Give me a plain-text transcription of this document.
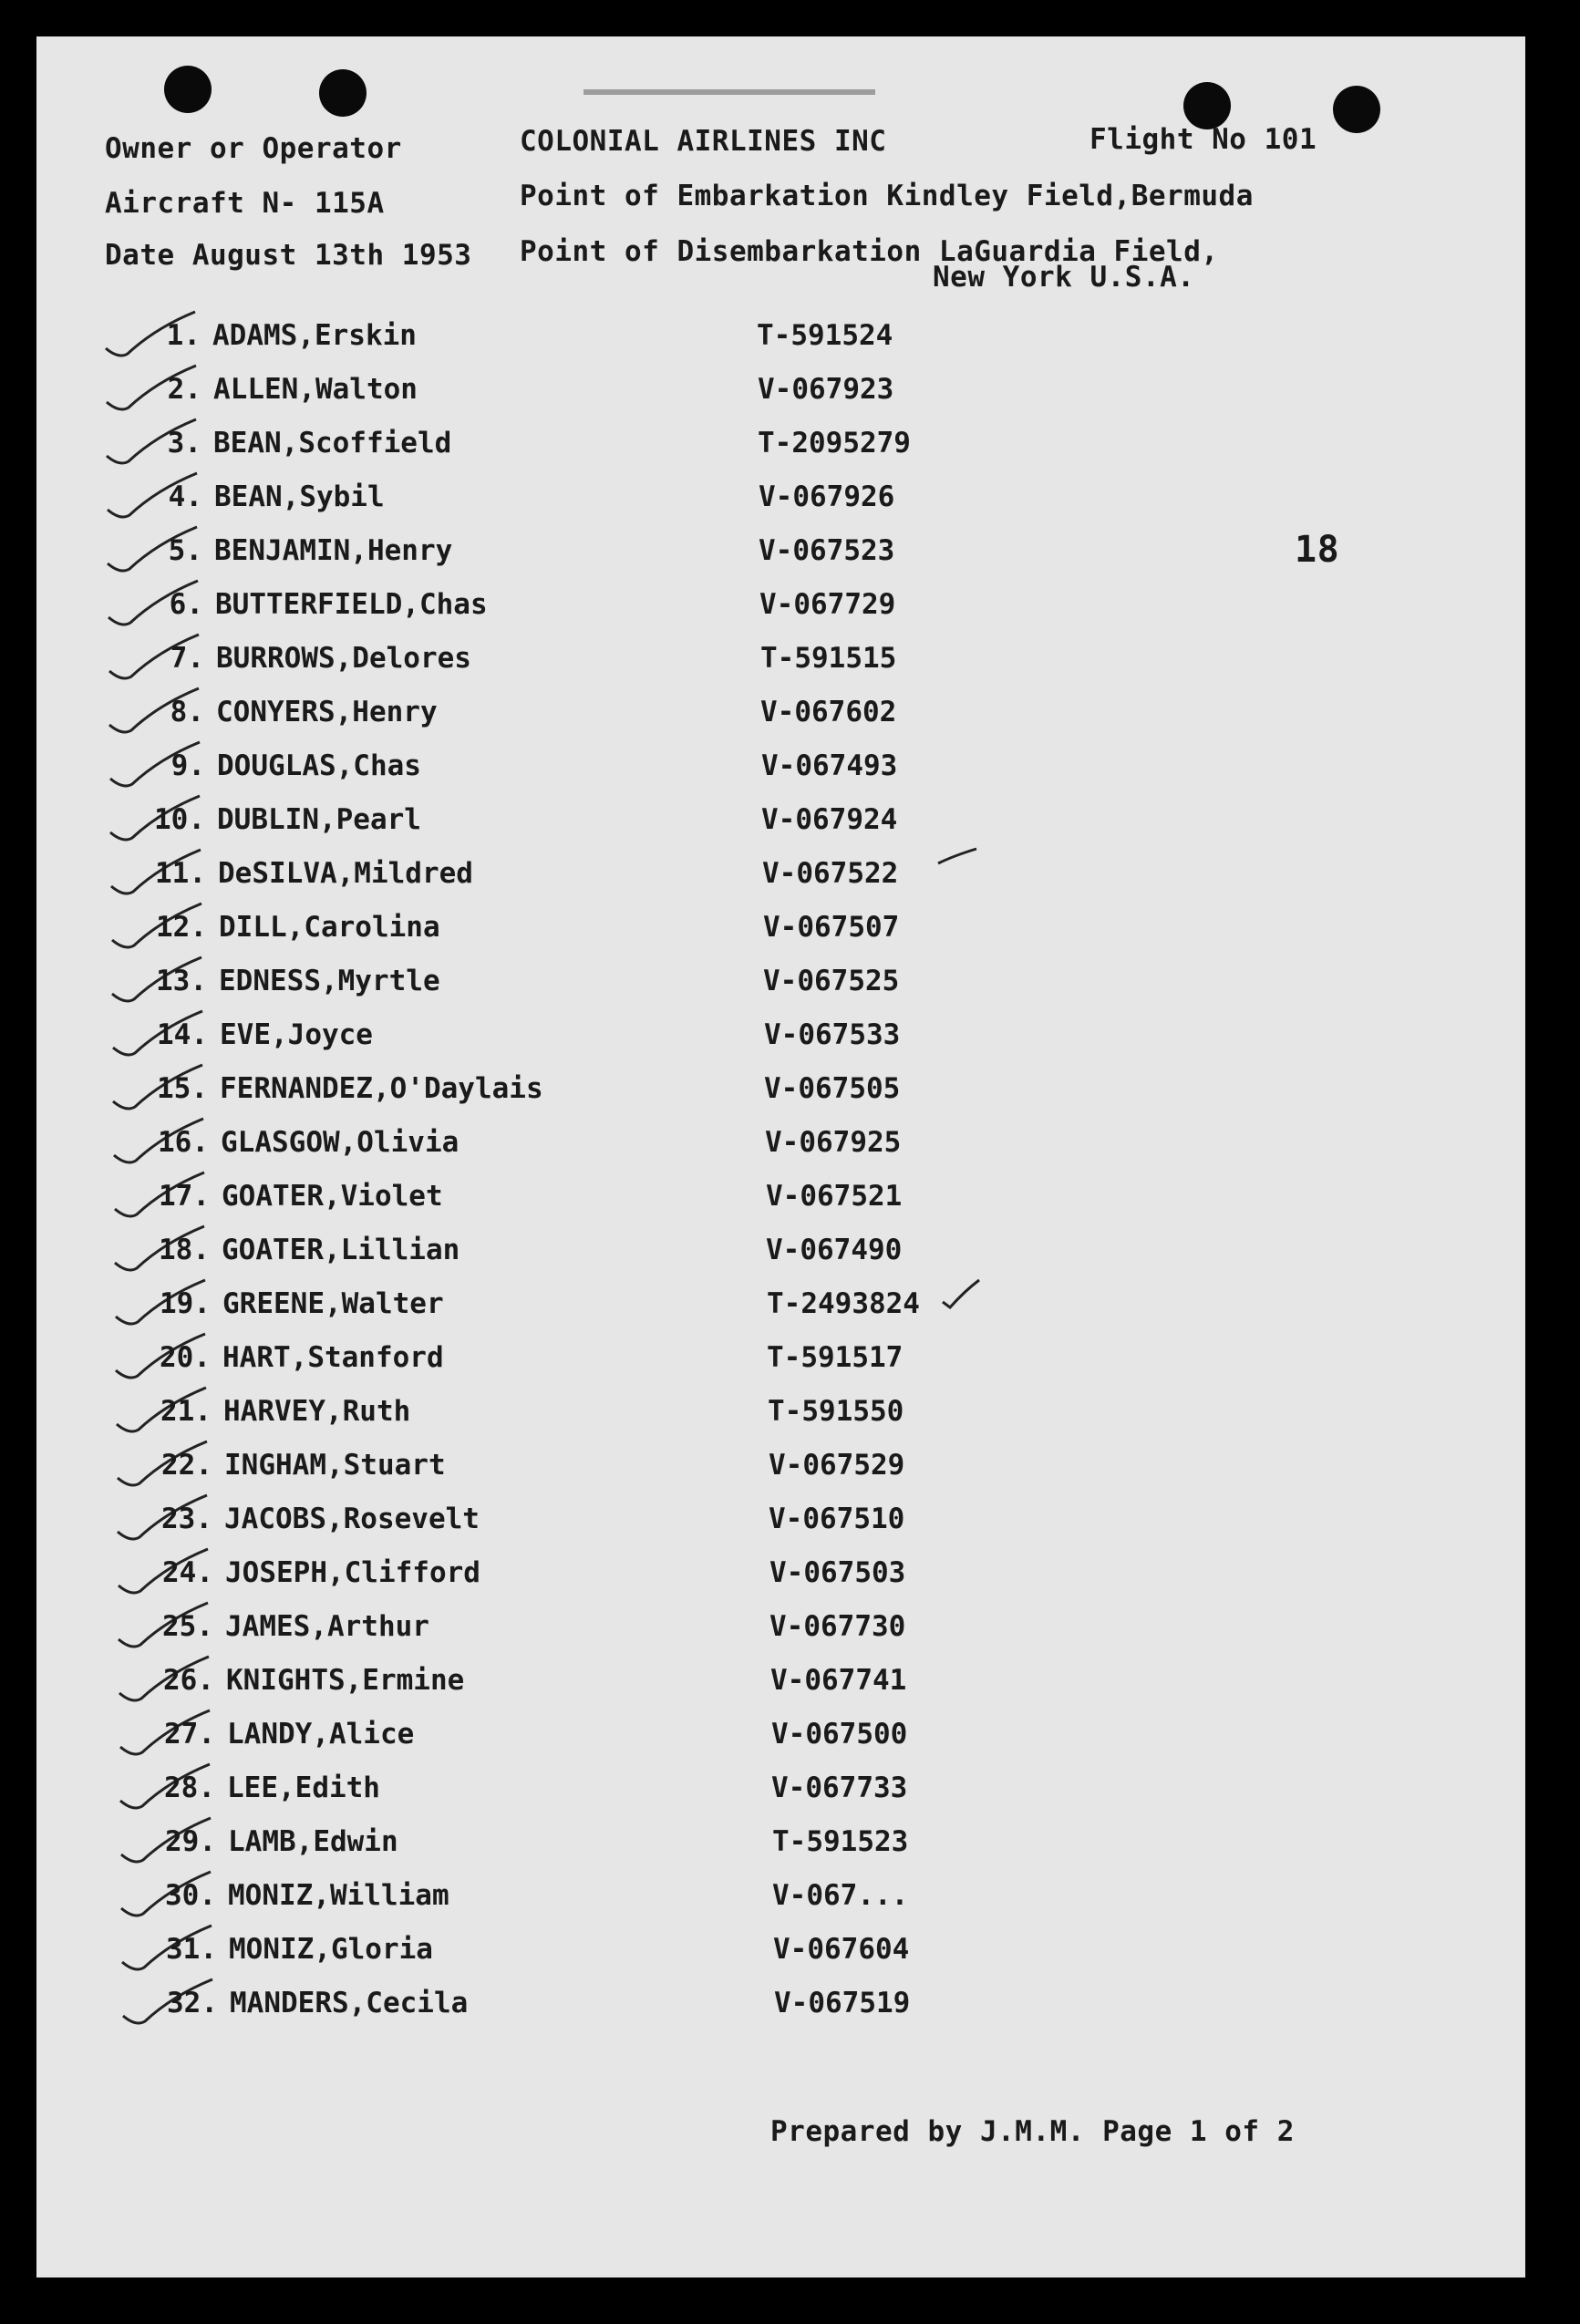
Owner or Operator	COLONIAL AIRLINES INC	Flight No 101
Aircraft N- 115A	Point of Embarkation Kindley Field,Bermuda
Date August 13th 1953 Point of Disembarkation LaGuardia Field,
New York U.S.A.
18
1. ADAMS,Erskin	T-591524
2. ALLEN,Walton	V-067923
3. BEAN,Scoffield	T-2095279
4. BEAN,Sybil	V-067926
5. BENJAMIN,Henry	V-067523
6. BUTTERFIELD,Chas	V-067729
7. BURROWS,Delores	T-591515
8. CONYERS,Henry	V-067602
9. DOUGLAS,Chas	V-067493
10. DUBLIN,Pearl	V-067924
11. DeSILVA,Mildred	V-067522
12. DILL,Carolina	V-067507
13. EDNESS,Myrtle	V-067525
14. EVE,Joyce	V-067533
15. FERNANDEZ,O'Daylais	V-067505
16. GLASGOW,Olivia	V-067925
17. GOATER,Violet	V-067521
18. GOATER,Lillian	V-067490
19. GREENE,Walter	T-2493824
20. HART,Stanford	T-591517
21. HARVEY,Ruth	T-591550
22. INGHAM,Stuart	V-067529
23. JACOBS,Rosevelt	V-067510
24. JOSEPH,Clifford	V-067503
25. JAMES,Arthur	V-067730
26. KNIGHTS,Ermine	V-067741
27. LANDY,Alice	V-067500
28. LEE,Edith	V-067733
29. LAMB,Edwin	T-591523
30. MONIZ,William	V-067...
31. MONIZ,Gloria	V-067604
32. MANDERS,Cecila	V-067519
Prepared by J.M.M. Page 1 of 2
